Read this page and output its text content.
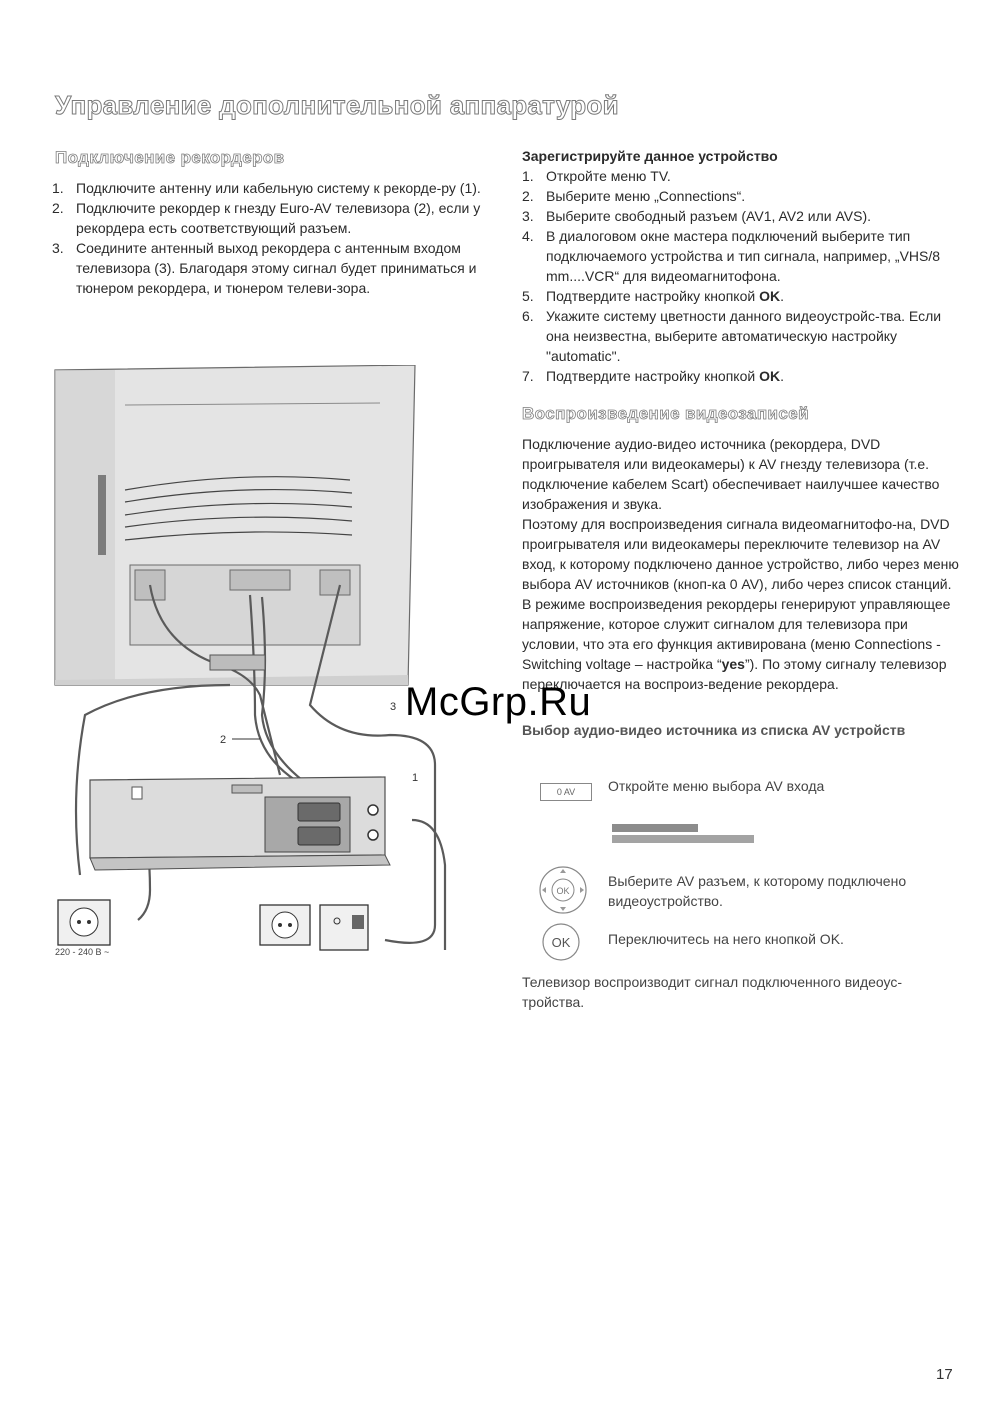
Управление дополнительной аппаратурой
Подключение рекордеров
1. Подключите антенну или кабельную систему к рекорде-ру (1).
2. Подключите рекордер к гнезду Euro-AV телевизора (2), если у рекордера есть соответствующий разъем.
3. Соедините антенный выход рекордера с антенным входом телевизора (3). Благодаря этому сигнал будет приниматься и тюнером рекордера, и тюнером телеви-зора.
3
2
1
220 - 240 В ~
Зарегистрируйте данное устройство
1. Откройте меню TV.
2. Выберите меню „Connections“.
3. Выберите свободный разъем (AV1, AV2 или AVS).
4. В диалоговом окне мастера подключений выберите тип подключаемого устройства и тип сигнала, например, „VHS/8 mm....VCR“ для видеомагнитофона.
5. Подтвердите настройку кнопкой OK.
6. Укажите систему цветности данного видеоустройс-тва. Если она неизвестна, выберите автоматическую настройку "automatic".
7. Подтвердите настройку кнопкой OK.
Воспроизведение видеозаписей

Подключение аудио-видео источника (рекордера, DVD проигрывателя или видеокамеры) к AV гнезду телевизора (т.е. подключение кабелем Scart) обеспечивает наилучшее качество изображения и звука.

Поэтому для воспроизведения сигнала видеомагнитофо-на, DVD проигрывателя или видеокамеры переключите телевизор на AV вход, к которому подключено данное устройство, либо через меню выбора AV источников (кноп-ка 0 AV), либо через список станций.

В режиме воспроизведения рекордеры генерируют управляющее напряжение, которое служит сигналом для телевизора при условии, что эта его функция активирована (меню Connections - Switching voltage – настройка “yes”). По этому сигналу телевизор переключается на воспроиз-ведение рекордера.

Выбор аудио-видео источника из списка AV устройств
0 AV	Откройте меню выбора AV входа
OK
Выберите AV разъем, к которому подключено видеоустройство.
OK	Переключитесь на него кнопкой OK.
Телевизор воспроизводит сигнал подключенного видеоус-тройства.
McGrp.Ru
17
